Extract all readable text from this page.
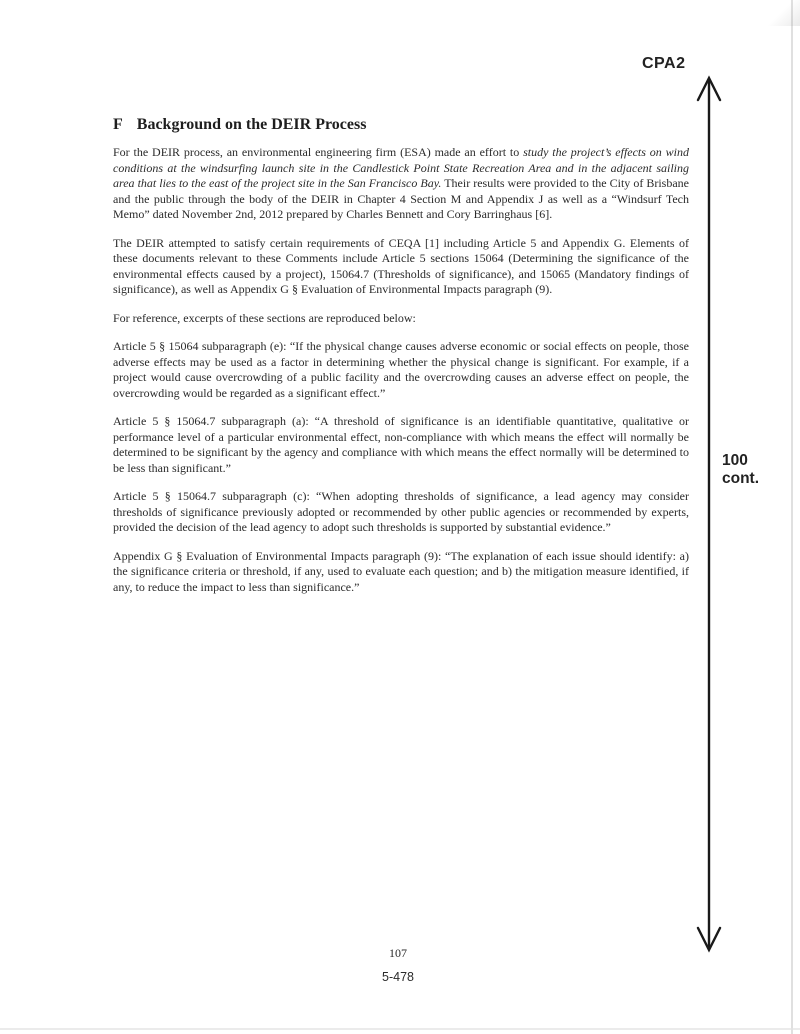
CPA2
100
cont.
F Background on the DEIR Process

For the DEIR process, an environmental engineering firm (ESA) made an effort to study the project’s effects on wind conditions at the windsurfing launch site in the Candlestick Point State Recreation Area and in the adjacent sailing area that lies to the east of the project site in the San Francisco Bay. Their results were provided to the City of Brisbane and the public through the body of the DEIR in Chapter 4 Section M and Appendix J as well as a “Windsurf Tech Memo” dated November 2nd, 2012 prepared by Charles Bennett and Cory Barringhaus [6].

The DEIR attempted to satisfy certain requirements of CEQA [1] including Article 5 and Appendix G. Elements of these documents relevant to these Comments include Article 5 sections 15064 (Determining the significance of the environmental effects caused by a project), 15064.7 (Thresholds of significance), and 15065 (Mandatory findings of significance), as well as Appendix G § Evaluation of Environmental Impacts paragraph (9).

For reference, excerpts of these sections are reproduced below:

Article 5 § 15064 subparagraph (e): “If the physical change causes adverse economic or social effects on people, those adverse effects may be used as a factor in determining whether the physical change is significant. For example, if a project would cause overcrowding of a public facility and the overcrowding causes an adverse effect on people, the overcrowding would be regarded as a significant effect.”

Article 5 § 15064.7 subparagraph (a): “A threshold of significance is an identifiable quantitative, qualitative or performance level of a particular environmental effect, non-compliance with which means the effect will normally be determined to be significant by the agency and compliance with which means the effect normally will be determined to be less than significant.”

Article 5 § 15064.7 subparagraph (c): “When adopting thresholds of significance, a lead agency may consider thresholds of significance previously adopted or recommended by other public agencies or recommended by experts, provided the decision of the lead agency to adopt such thresholds is supported by substantial evidence.”

Appendix G § Evaluation of Environmental Impacts paragraph (9): “The explanation of each issue should identify: a) the significance criteria or threshold, if any, used to evaluate each question; and b) the mitigation measure identified, if any, to reduce the impact to less than significance.”

107
5-478
